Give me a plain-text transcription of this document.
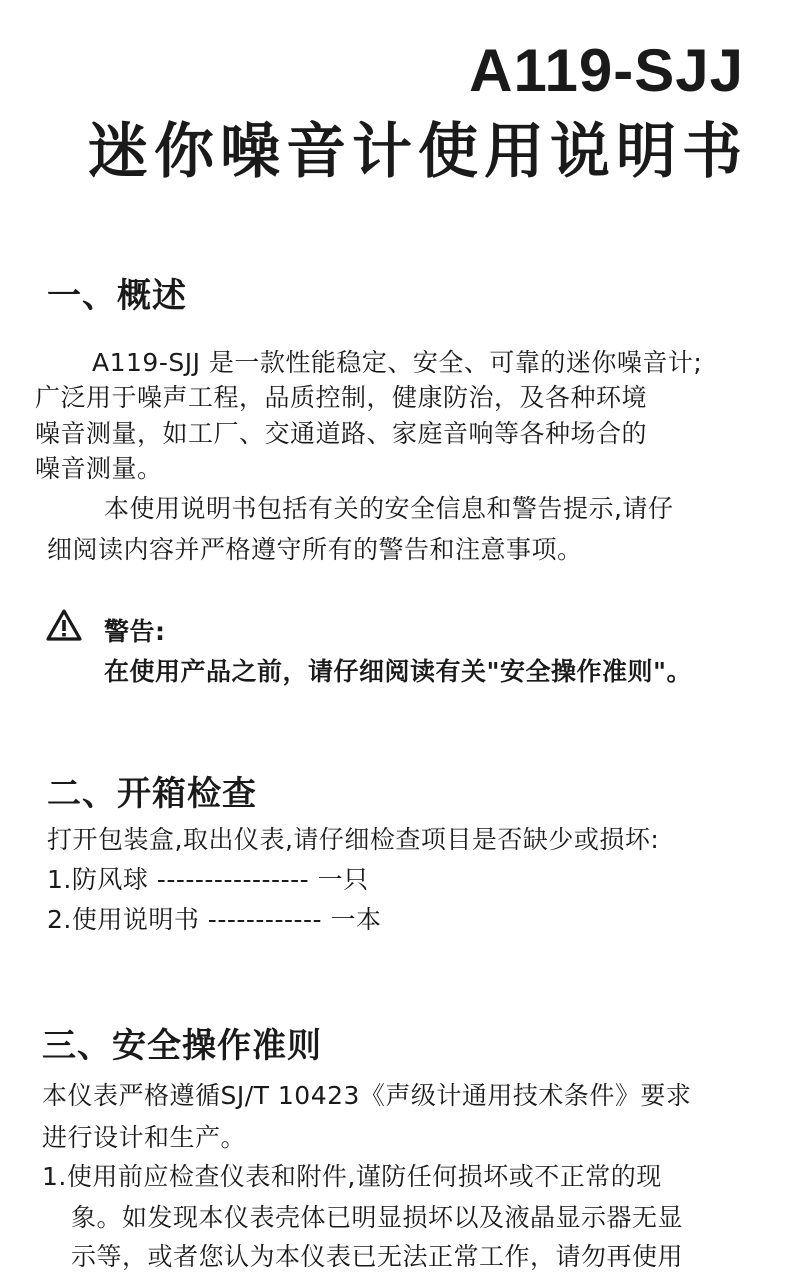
A119-SJJ
迷你噪音计使用说明书
一、概述
A119-SJJ 是一款性能稳定、安全、可靠的迷你噪音计;
广泛用于噪声工程，品质控制，健康防治，及各种环境
噪音测量，如工厂、交通道路、家庭音响等各种场合的
噪音测量。
本使用说明书包括有关的安全信息和警告提示,请仔
细阅读内容并严格遵守所有的警告和注意事项。
警告:
在使用产品之前，请仔细阅读有关"安全操作准则"。
二、开箱检查
打开包装盒,取出仪表,请仔细检查项目是否缺少或损坏:
1.防风球 ---------------- 一只
2.使用说明书 ------------ 一本
三、安全操作准则
本仪表严格遵循SJ/T 10423《声级计通用技术条件》要求
进行设计和生产。
1.使用前应检查仪表和附件,谨防任何损坏或不正常的现
象。如发现本仪表壳体已明显损坏以及液晶显示器无显
示等，或者您认为本仪表已无法正常工作，请勿再使用
